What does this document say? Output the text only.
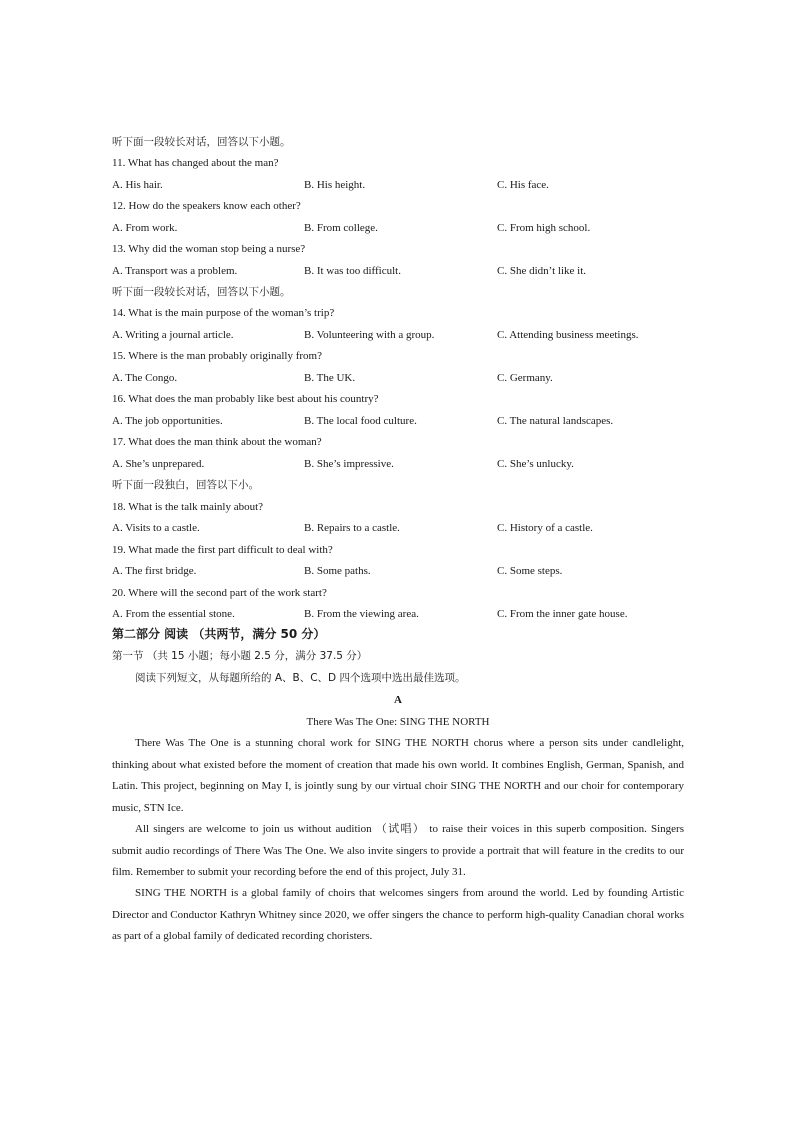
听下面一段较长对话，回答以下小题。
11. What has changed about the man?
A. His hair.	B. His height.	C. His face.
12. How do the speakers know each other?
A. From work.	B. From college.	C. From high school.
13. Why did the woman stop being a nurse?
A. Transport was a problem.	B. It was too difficult.	C. She didn’t like it.
听下面一段较长对话，回答以下小题。
14. What is the main purpose of the woman’s trip?
A. Writing a journal article.	B. Volunteering with a group.	C. Attending business meetings.
15. Where is the man probably originally from?
A. The Congo.	B. The UK.	C. Germany.
16. What does the man probably like best about his country?
A. The job opportunities.	B. The local food culture.	C. The natural landscapes.
17. What does the man think about the woman?
A. She’s unprepared.	B. She’s impressive.	C. She’s unlucky.
听下面一段独白，回答以下小。
18. What is the talk mainly about?
A. Visits to a castle.	B. Repairs to a castle.	C. History of a castle.
19. What made the first part difficult to deal with?
A. The first bridge.	B. Some paths.	C. Some steps.
20. Where will the second part of the work start?
A. From the essential stone.	B. From the viewing area.	C. From the inner gate house.
第二部分 阅读 （共两节，满分 50 分）
第一节 （共 15 小题；每小题 2.5 分，满分 37.5 分）
阅读下列短文，从每题所给的 A、B、C、D 四个选项中选出最佳选项。
A
There Was The One: SING THE NORTH
There Was The One is a stunning choral work for SING THE NORTH chorus where a person sits under candlelight, thinking about what existed before the moment of creation that made his own world. It combines English, German, Spanish, and Latin. This project, beginning on May I, is jointly sung by our virtual choir SING THE NORTH and our choir for contemporary music, STN Ice.
All singers are welcome to join us without audition （试唱） to raise their voices in this superb composition. Singers submit audio recordings of There Was The One. We also invite singers to provide a portrait that will feature in the credits to our film. Remember to submit your recording before the end of this project, July 31.
SING THE NORTH is a global family of choirs that welcomes singers from around the world. Led by founding Artistic Director and Conductor Kathryn Whitney since 2020, we offer singers the chance to perform high-quality Canadian choral works as part of a global family of dedicated recording choristers.
